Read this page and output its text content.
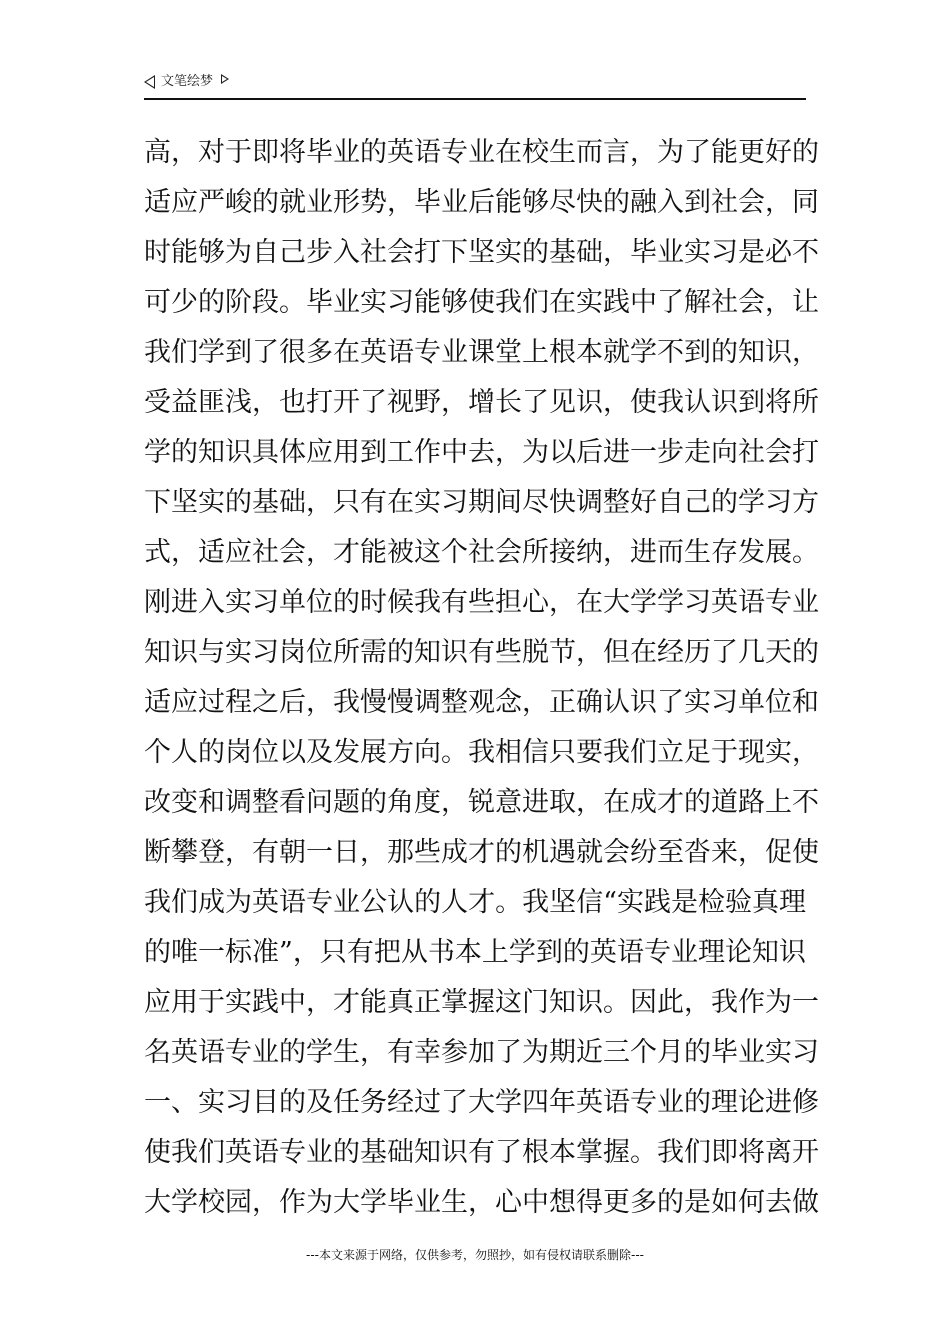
文笔绘梦
高，对于即将毕业的英语专业在校生而言，为了能更好的
适应严峻的就业形势，毕业后能够尽快的融入到社会，同
时能够为自己步入社会打下坚实的基础，毕业实习是必不
可少的阶段。毕业实习能够使我们在实践中了解社会，让
我们学到了很多在英语专业课堂上根本就学不到的知识，
受益匪浅，也打开了视野，增长了见识，使我认识到将所
学的知识具体应用到工作中去，为以后进一步走向社会打
下坚实的基础，只有在实习期间尽快调整好自己的学习方
式，适应社会，才能被这个社会所接纳，进而生存发展。
刚进入实习单位的时候我有些担心，在大学学习英语专业
知识与实习岗位所需的知识有些脱节，但在经历了几天的
适应过程之后，我慢慢调整观念，正确认识了实习单位和
个人的岗位以及发展方向。我相信只要我们立足于现实，
改变和调整看问题的角度，锐意进取，在成才的道路上不
断攀登，有朝一日，那些成才的机遇就会纷至沓来，促使
我们成为英语专业公认的人才。我坚信“实践是检验真理
的唯一标准”，只有把从书本上学到的英语专业理论知识
应用于实践中，才能真正掌握这门知识。因此，我作为一
名英语专业的学生，有幸参加了为期近三个月的毕业实习
一、实习目的及任务经过了大学四年英语专业的理论进修
使我们英语专业的基础知识有了根本掌握。我们即将离开
大学校园，作为大学毕业生，心中想得更多的是如何去做
---本文来源于网络，仅供参考，勿照抄，如有侵权请联系删除---
